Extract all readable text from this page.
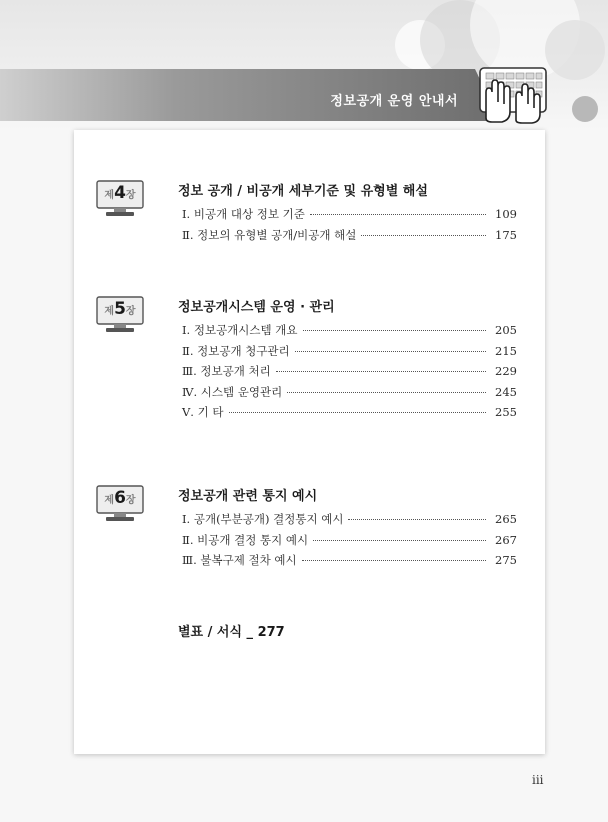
정보공개 운영 안내서
제4장	정보 공개 / 비공개 세부기준 및 유형별 해설
Ⅰ. 비공개 대상 정보 기준	109
Ⅱ. 정보의 유형별 공개/비공개 해설	175
제5장	정보공개시스템 운영 · 관리
Ⅰ. 정보공개시스템 개요	205
Ⅱ. 정보공개 청구관리	215
Ⅲ. 정보공개 처리	229
Ⅳ. 시스템 운영관리	245
Ⅴ. 기 타	255
제6장	정보공개 관련 통지 예시
Ⅰ. 공개(부분공개) 결정통지 예시	265
Ⅱ. 비공개 결정 통지 예시	267
Ⅲ. 불복구제 절차 예시	275
별표 / 서식 _ 277
iii
